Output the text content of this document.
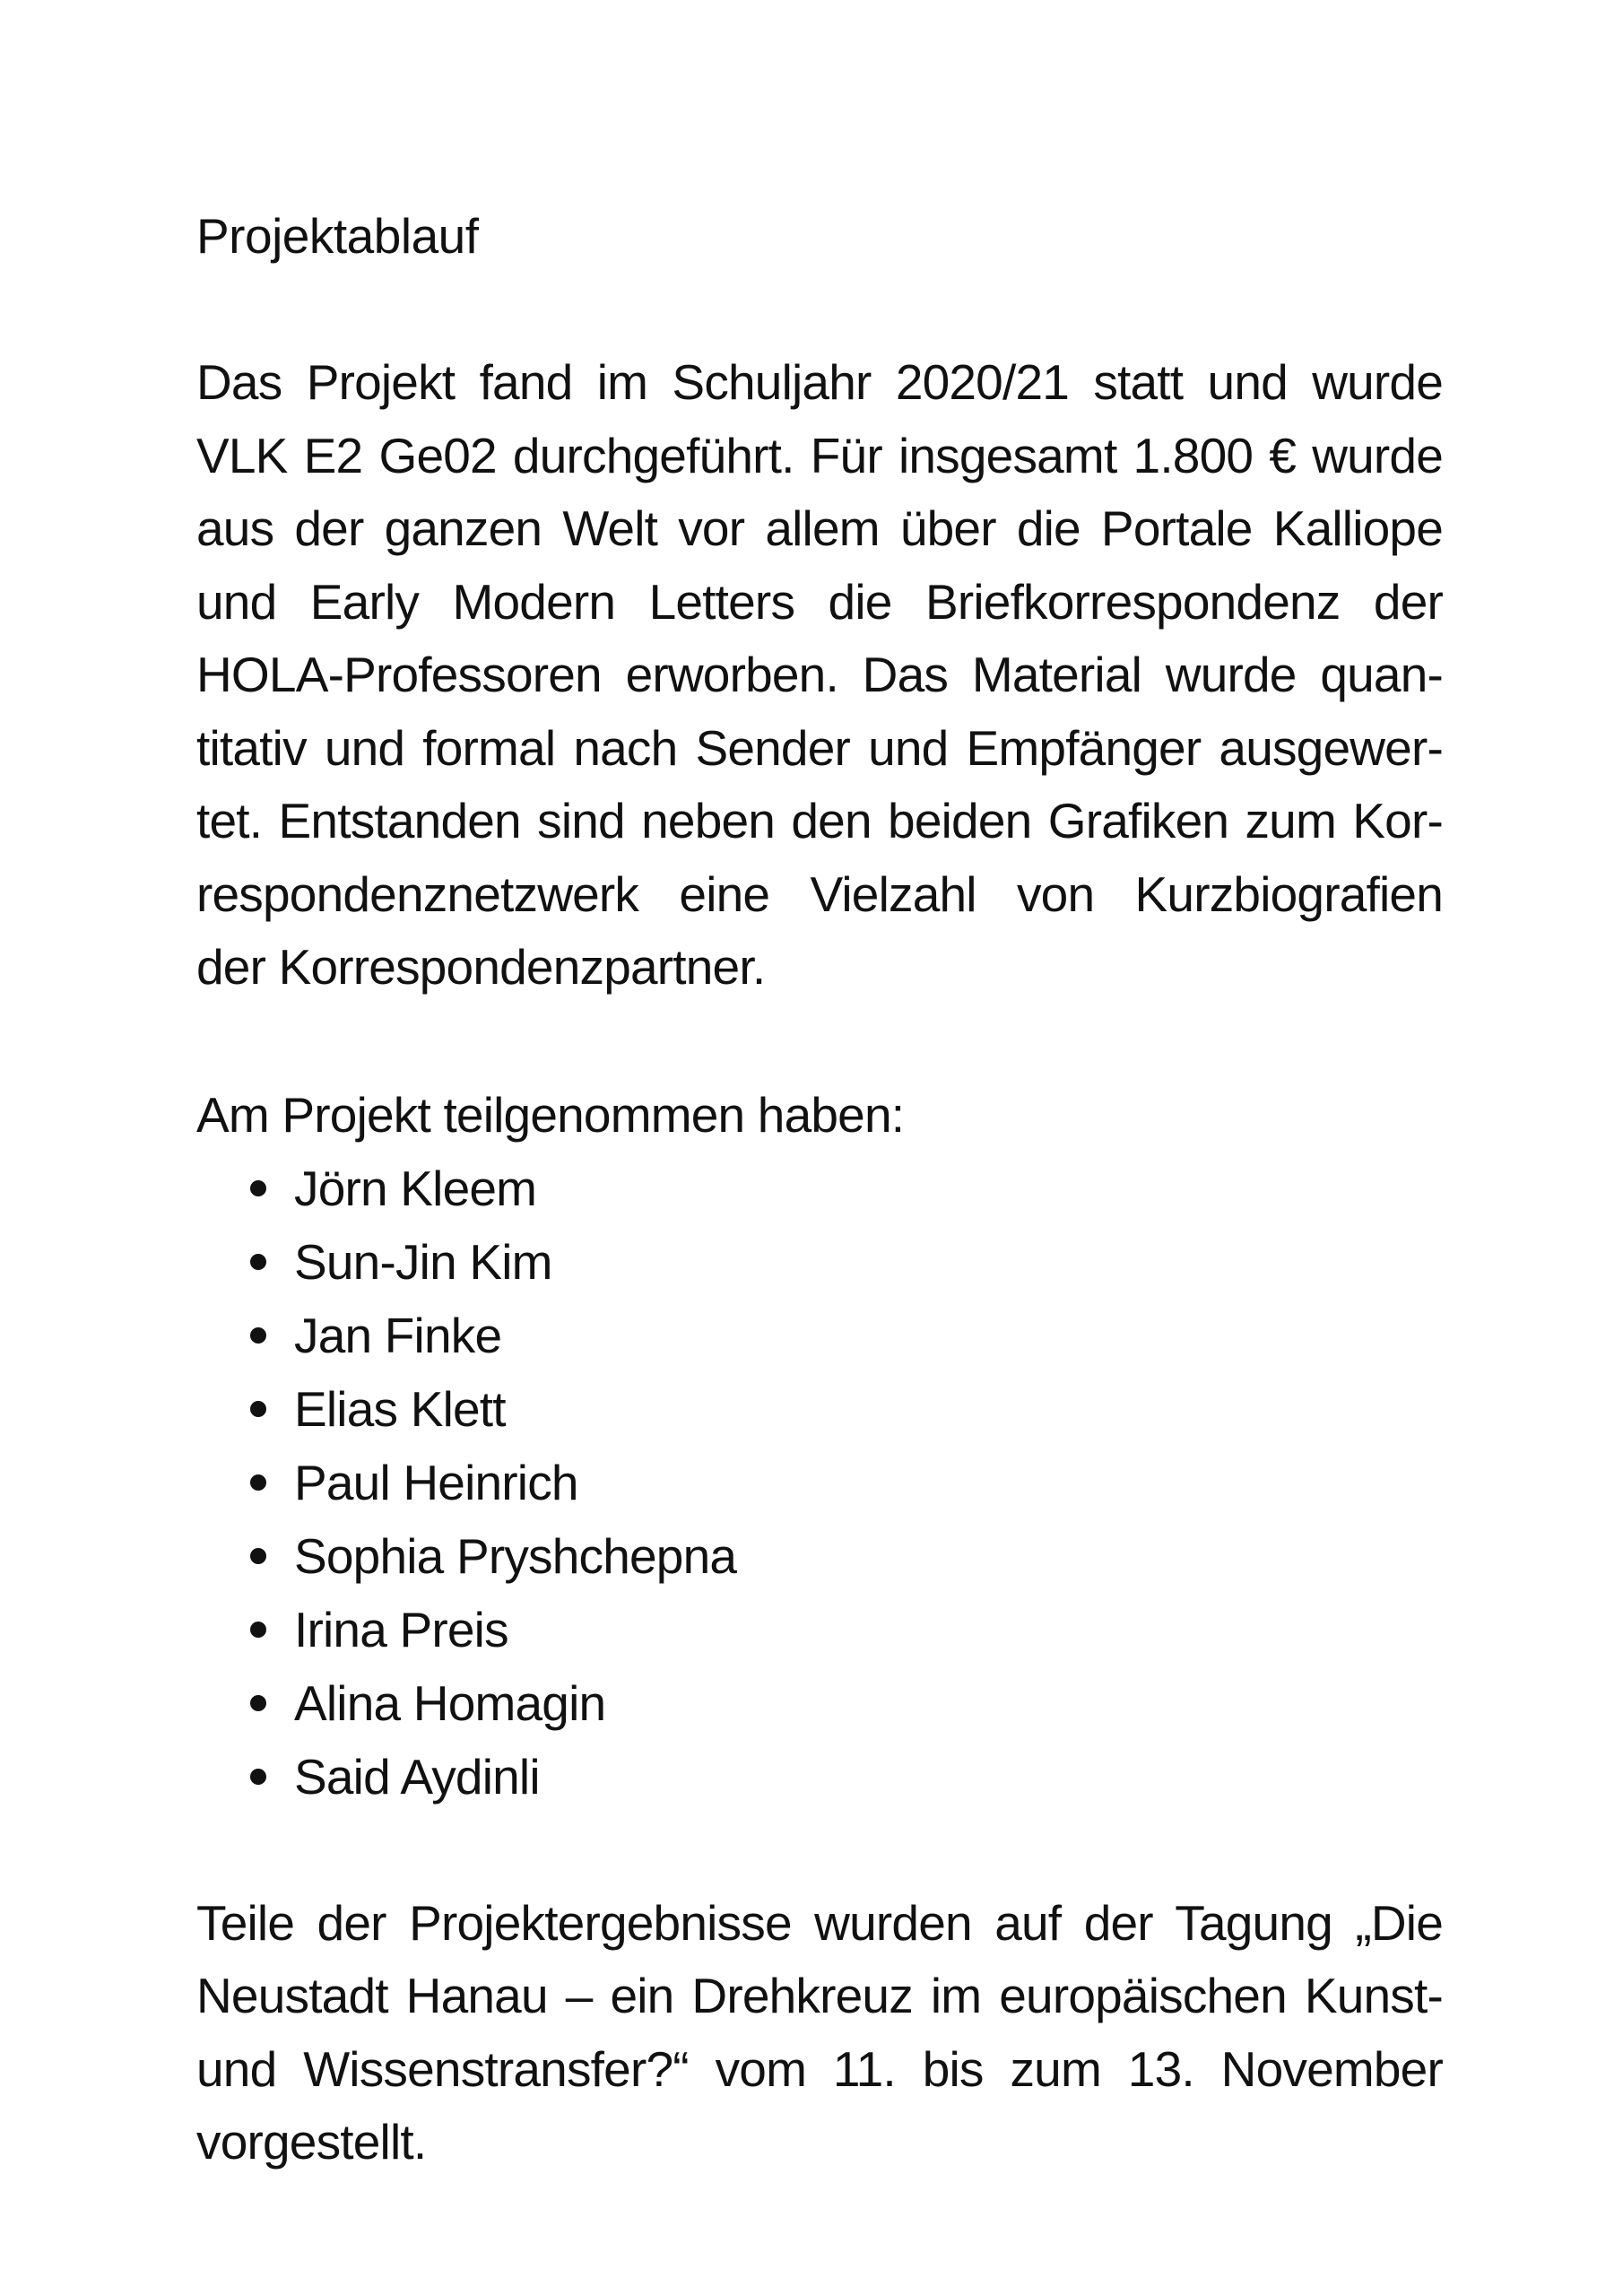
Projektablauf

Das Projekt fand im Schuljahr 2020/21 statt und wurde
VLK E2 Ge02 durchgeführt. Für insgesamt 1.800 € wurde
aus der ganzen Welt vor allem über die Portale Kalliope
und Early Modern Letters die Briefkorrespondenz der
HOLA-Professoren erworben. Das Material wurde quan-
titativ und formal nach Sender und Empfänger ausgewer-
tet. Entstanden sind neben den beiden Grafiken zum Kor-
respondenznetzwerk eine Vielzahl von Kurzbiografien
der Korrespondenzpartner.

Am Projekt teilgenommen haben:

Jörn Kleem
Sun-Jin Kim
Jan Finke
Elias Klett
Paul Heinrich
Sophia Pryshchepna
Irina Preis
Alina Homagin
Said Aydinli

Teile der Projektergebnisse wurden auf der Tagung „Die
Neustadt Hanau – ein Drehkreuz im europäischen Kunst-
und Wissenstransfer?“ vom 11. bis zum 13. November
vorgestellt.
